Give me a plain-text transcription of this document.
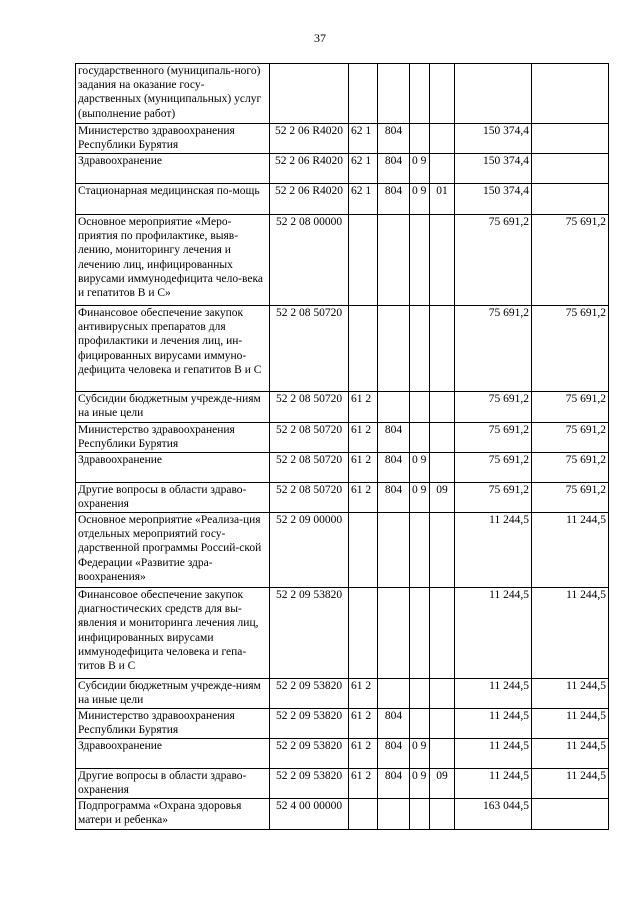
37
государственного (муниципаль-ного) задания на оказание госу-дарственных (муниципальных) услуг (выполнение работ)							
Министерство здравоохранения Республики Бурятия	52 2 06 R4020	62 1	804			150 374,4	
Здравоохранение	52 2 06 R4020	62 1	804	0 9		150 374,4	
Стационарная медицинская по-мощь	52 2 06 R4020	62 1	804	0 9	01	150 374,4	
Основное мероприятие «Меро-приятия по профилактике, выяв-лению, мониторингу лечения и лечению лиц, инфицированных вирусами иммунодефицита чело-века и гепатитов В и С»	52 2 08 00000					75 691,2	75 691,2
Финансовое обеспечение закупок антивирусных препаратов для профилактики и лечения лиц, ин-фицированных вирусами иммуно-дефицита человека и гепатитов В и С	52 2 08 50720					75 691,2	75 691,2
Субсидии бюджетным учрежде-ниям на иные цели	52 2 08 50720	61 2				75 691,2	75 691,2
Министерство здравоохранения Республики Бурятия	52 2 08 50720	61 2	804			75 691,2	75 691,2
Здравоохранение	52 2 08 50720	61 2	804	0 9		75 691,2	75 691,2
Другие вопросы в области здраво-охранения	52 2 08 50720	61 2	804	0 9	09	75 691,2	75 691,2
Основное мероприятие «Реализа-ция отдельных мероприятий госу-дарственной программы Россий-ской Федерации «Развитие здра-воохранения»	52 2 09 00000					11 244,5	11 244,5
Финансовое обеспечение закупок диагностических средств для вы-явления и мониторинга лечения лиц, инфицированных вирусами иммунодефицита человека и гепа-титов В и С	52 2 09 53820					11 244,5	11 244,5
Субсидии бюджетным учрежде-ниям на иные цели	52 2 09 53820	61 2				11 244,5	11 244,5
Министерство здравоохранения Республики Бурятия	52 2 09 53820	61 2	804			11 244,5	11 244,5
Здравоохранение	52 2 09 53820	61 2	804	0 9		11 244,5	11 244,5
Другие вопросы в области здраво-охранения	52 2 09 53820	61 2	804	0 9	09	11 244,5	11 244,5
Подпрограмма «Охрана здоровья матери и ребенка»	52 4 00 00000					163 044,5	
